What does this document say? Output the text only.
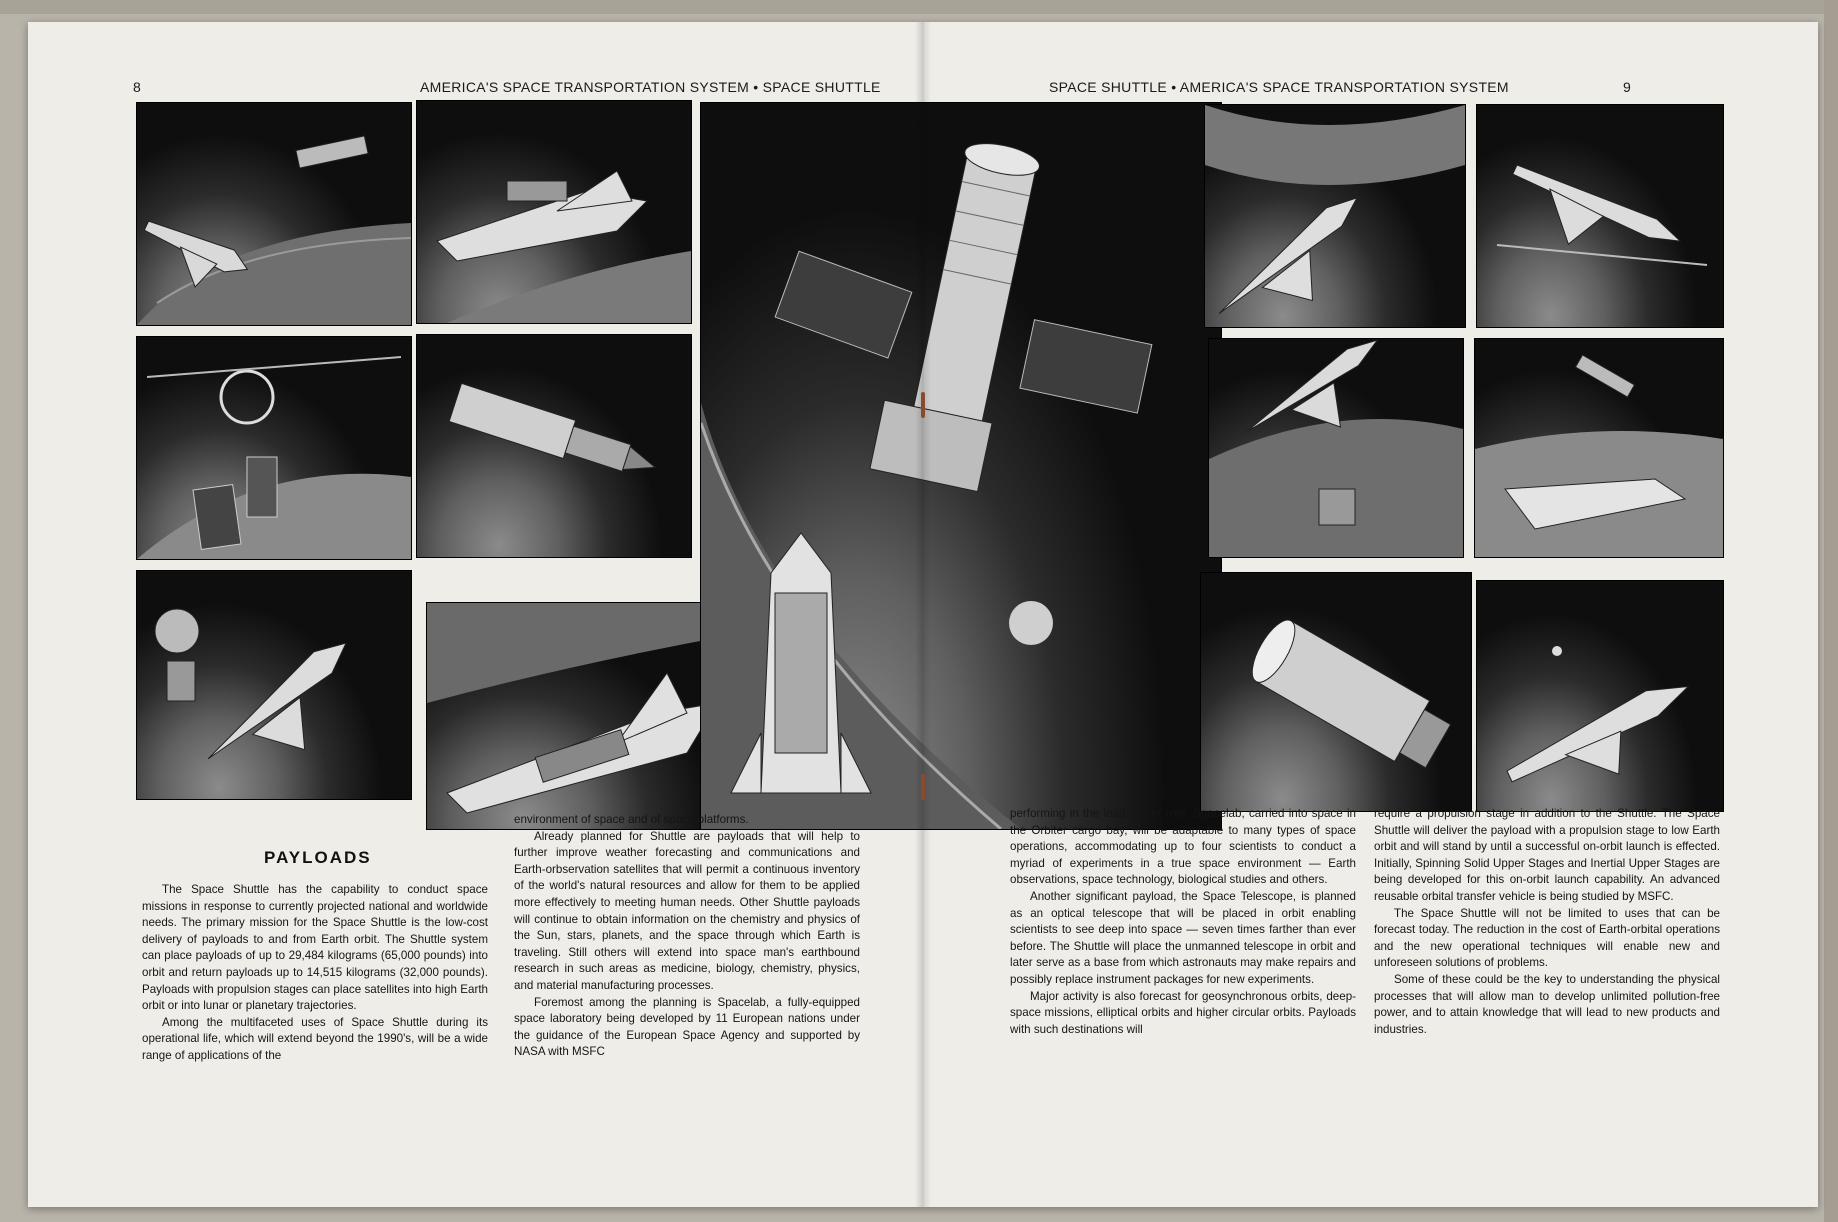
8	AMERICA'S SPACE TRANSPORTATION SYSTEM • SPACE SHUTTLE	9
SPACE SHUTTLE • AMERICA'S SPACE TRANSPORTATION SYSTEM
PAYLOADS

The Space Shuttle has the capability to conduct space missions in response to currently projected national and worldwide needs. The primary mission for the Space Shuttle is the low-cost delivery of payloads to and from Earth orbit. The Shuttle system can place payloads of up to 29,484 kilograms (65,000 pounds) into orbit and return payloads up to 14,515 kilograms (32,000 pounds). Payloads with propulsion stages can place satellites into high Earth orbit or into lunar or planetary trajectories.

Among the multifaceted uses of Space Shuttle during its operational life, which will extend beyond the 1990's, will be a wide range of applications of the

environment of space and of space platforms.

Already planned for Shuttle are payloads that will help to further improve weather forecasting and communications and Earth-orbservation satellites that will permit a continuous inventory of the world's natural resources and allow for them to be applied more effectively to meeting human needs. Other Shuttle payloads will continue to obtain information on the chemistry and physics of the Sun, stars, planets, and the space through which Earth is traveling. Still others will extend into space man's earthbound research in such areas as medicine, biology, chemistry, physics, and material manufacturing processes.

Foremost among the planning is Spacelab, a fully-equipped space laboratory being developed by 11 European nations under the guidance of the European Space Agency and supported by NASA with MSFC

performing in the lead center role. Spacelab, carried into space in the Orbiter cargo bay, will be adaptable to many types of space operations, accommodating up to four scientists to conduct a myriad of experiments in a true space environment — Earth observations, space technology, biological studies and others.

Another significant payload, the Space Telescope, is planned as an optical telescope that will be placed in orbit enabling scientists to see deep into space — seven times farther than ever before. The Shuttle will place the unmanned telescope in orbit and later serve as a base from which astronauts may make repairs and possibly replace instrument packages for new experiments.

Major activity is also forecast for geosynchronous orbits, deep-space missions, elliptical orbits and higher circular orbits. Payloads with such destinations will

require a propulsion stage in addition to the Shuttle. The Space Shuttle will deliver the payload with a propulsion stage to low Earth orbit and will stand by until a successful on-orbit launch is effected. Initially, Spinning Solid Upper Stages and Inertial Upper Stages are being developed for this on-orbit launch capability. An advanced reusable orbital transfer vehicle is being studied by MSFC.

The Space Shuttle will not be limited to uses that can be forecast today. The reduction in the cost of Earth-orbital operations and the new operational techniques will enable new and unforeseen solutions of problems.

Some of these could be the key to understanding the physical processes that will allow man to develop unlimited pollution-free power, and to attain knowledge that will lead to new products and industries.
